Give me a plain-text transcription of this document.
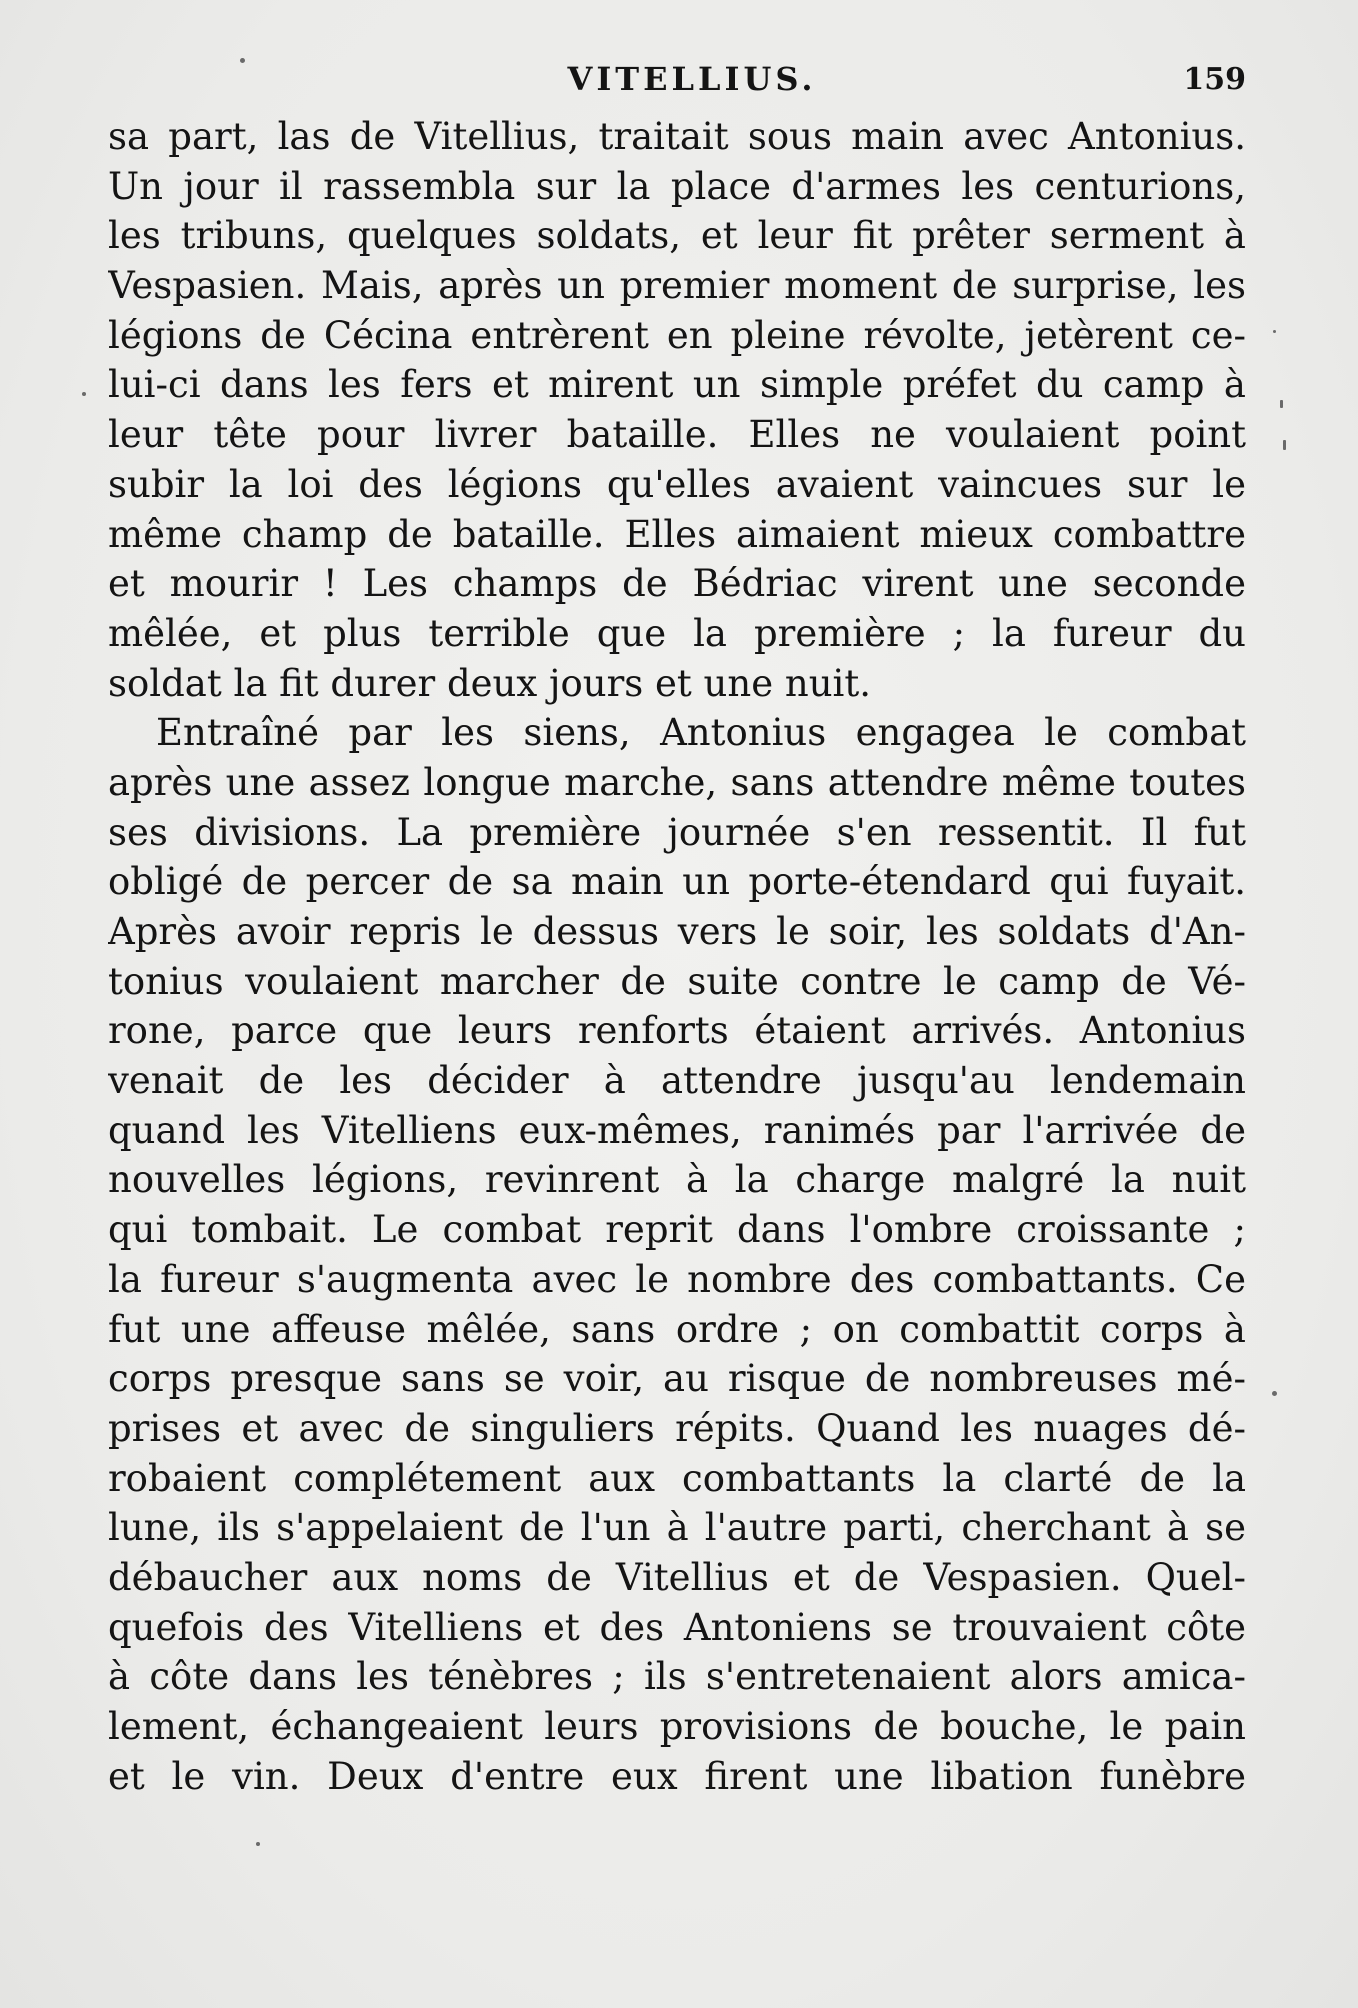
VITELLIUS.	159
sa part, las de Vitellius, traitait sous main avec Antonius.
Un jour il rassembla sur la place d'armes les centurions,
les tribuns, quelques soldats, et leur fit prêter serment à
Vespasien. Mais, après un premier moment de surprise, les
légions de Cécina entrèrent en pleine révolte, jetèrent ce-
lui-ci dans les fers et mirent un simple préfet du camp à
leur tête pour livrer bataille. Elles ne voulaient point
subir la loi des légions qu'elles avaient vaincues sur le
même champ de bataille. Elles aimaient mieux combattre
et mourir ! Les champs de Bédriac virent une seconde
mêlée, et plus terrible que la première ; la fureur du
soldat la fit durer deux jours et une nuit.
Entraîné par les siens, Antonius engagea le combat
après une assez longue marche, sans attendre même toutes
ses divisions. La première journée s'en ressentit. Il fut
obligé de percer de sa main un porte-étendard qui fuyait.
Après avoir repris le dessus vers le soir, les soldats d'An-
tonius voulaient marcher de suite contre le camp de Vé-
rone, parce que leurs renforts étaient arrivés. Antonius
venait de les décider à attendre jusqu'au lendemain
quand les Vitelliens eux-mêmes, ranimés par l'arrivée de
nouvelles légions, revinrent à la charge malgré la nuit
qui tombait. Le combat reprit dans l'ombre croissante ;
la fureur s'augmenta avec le nombre des combattants. Ce
fut une affeuse mêlée, sans ordre ; on combattit corps à
corps presque sans se voir, au risque de nombreuses mé-
prises et avec de singuliers répits. Quand les nuages dé-
robaient complétement aux combattants la clarté de la
lune, ils s'appelaient de l'un à l'autre parti, cherchant à se
débaucher aux noms de Vitellius et de Vespasien. Quel-
quefois des Vitelliens et des Antoniens se trouvaient côte
à côte dans les ténèbres ; ils s'entretenaient alors amica-
lement, échangeaient leurs provisions de bouche, le pain
et le vin. Deux d'entre eux firent une libation funèbre
